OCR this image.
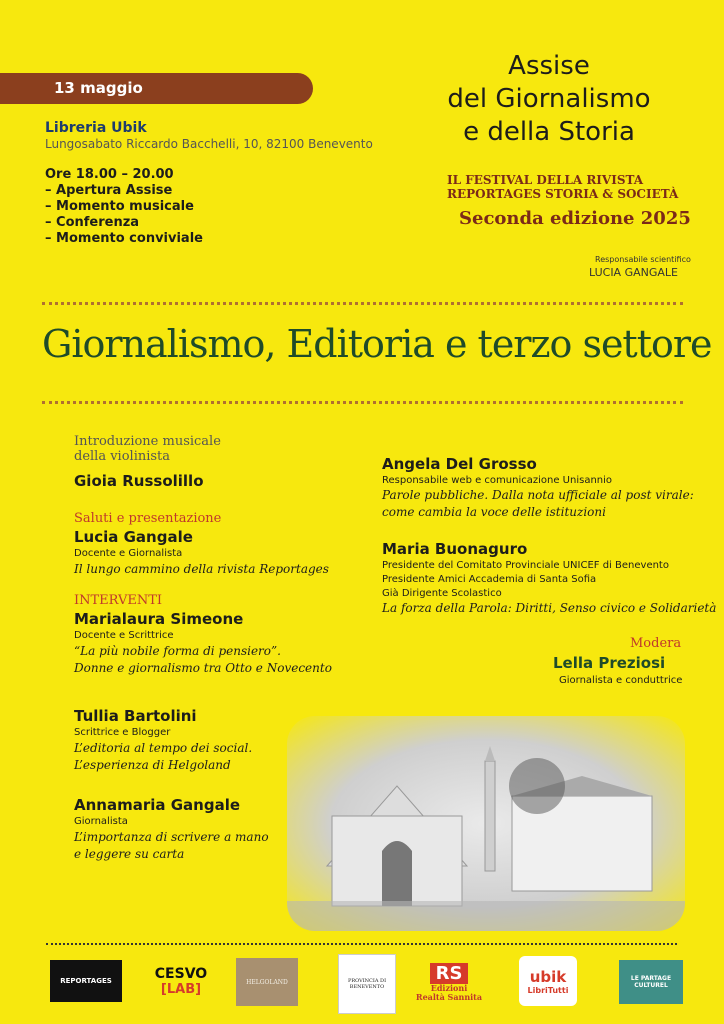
13 maggio
Libreria Ubik
Lungosabato Riccardo Bacchelli, 10, 82100 Benevento
Ore 18.00 – 20.00
– Apertura Assise
– Momento musicale
– Conferenza
– Momento conviviale
Assise
del Giornalismo
e della Storia
IL FESTIVAL DELLA RIVISTA
REPORTAGES STORIA & SOCIETÀ
Seconda edizione 2025
Responsabile scientifico
LUCIA GANGALE
Giornalismo, Editoria e terzo settore
Introduzione musicale
della violinista
Gioia Russolillo
Saluti e presentazione
Lucia Gangale
Docente e Giornalista
Il lungo cammino della rivista Reportages
INTERVENTI
Marialaura Simeone
Docente e Scrittrice
“La più nobile forma di pensiero”.
Donne e giornalismo tra Otto e Novecento
Tullia Bartolini
Scrittrice e Blogger
L’editoria al tempo dei social.
L’esperienza di Helgoland
Annamaria Gangale
Giornalista
L’importanza di scrivere a mano
e leggere su carta
Angela Del Grosso
Responsabile web e comunicazione Unisannio
Parole pubbliche. Dalla nota ufficiale al post virale:
come cambia la voce delle istituzioni
Maria Buonaguro
Presidente del Comitato Provinciale UNICEF di Benevento
Presidente Amici Accademia di Santa Sofia
Già Dirigente Scolastico
La forza della Parola: Diritti, Senso civico e Solidarietà
Modera
Lella Preziosi
Giornalista e conduttrice
REPORTAGES	CESVO
[LAB]	HELGOLAND	PROVINCIA DI BENEVENTO
RS
Edizioni
Realtà Sannita
ubik
LibriTutti
LE PARTAGE CULTUREL
